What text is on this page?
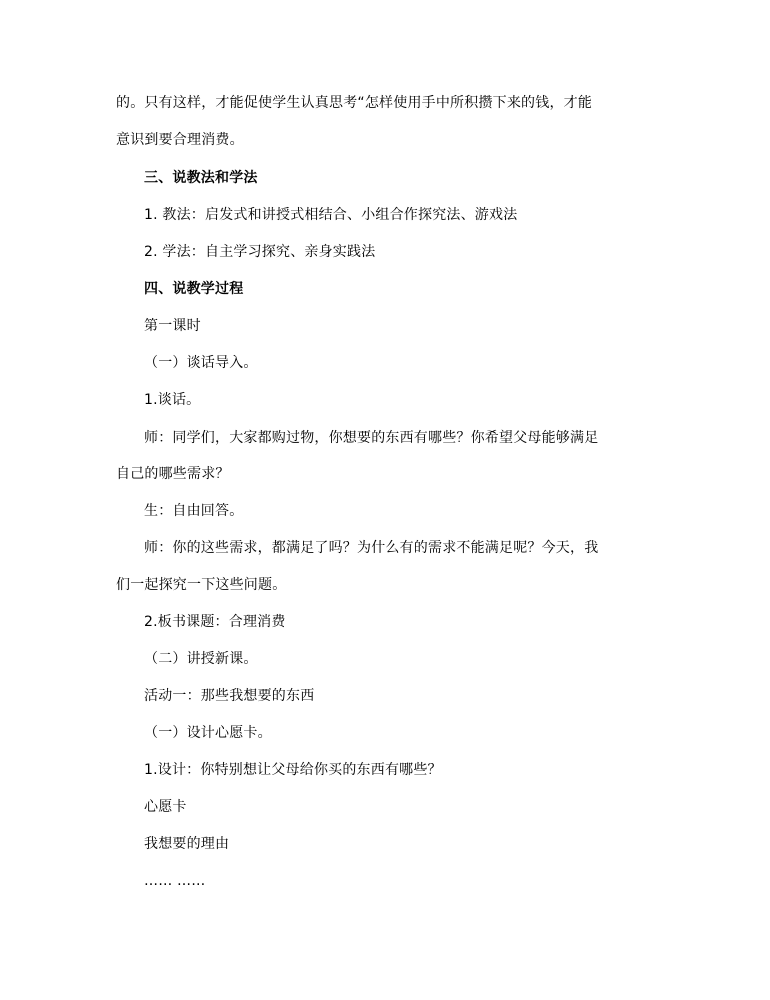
的。只有这样，才能促使学生认真思考“怎样使用手中所积攒下来的钱，才能
意识到要合理消费。
三、说教法和学法
1. 教法：启发式和讲授式相结合、小组合作探究法、游戏法
2. 学法：自主学习探究、亲身实践法
四、说教学过程
第一课时
（一）谈话导入。
1.谈话。
师：同学们，大家都购过物，你想要的东西有哪些？你希望父母能够满足
自己的哪些需求？
生：自由回答。
师：你的这些需求，都满足了吗？为什么有的需求不能满足呢？今天，我
们一起探究一下这些问题。
2.板书课题：合理消费
（二）讲授新课。
活动一：那些我想要的东西
（一）设计心愿卡。
1.设计：你特别想让父母给你买的东西有哪些？
心愿卡
我想要的理由
…… ……
